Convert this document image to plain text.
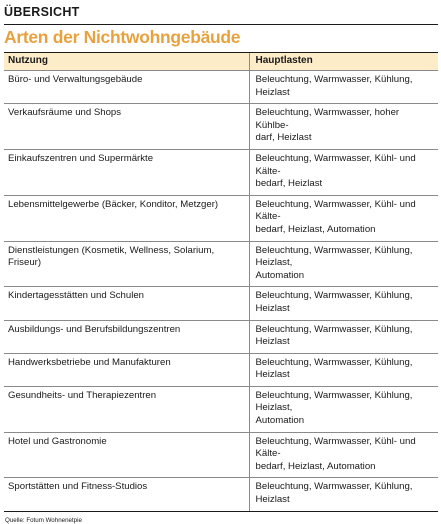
ÜBERSICHT
Arten der Nichtwohngebäude
Nutzung	Hauptlasten
Büro- und Verwaltungsgebäude	Beleuchtung, Warmwasser, Kühlung, Heizlast

Verkaufsräume und Shops	Beleuchtung, Warmwasser, hoher Kühlbe-
darf, Heizlast

Einkaufszentren und Supermärkte	Beleuchtung, Warmwasser, Kühl- und Kälte-
bedarf, Heizlast

Lebensmittelgewerbe (Bäcker, Konditor, Metzger)	Beleuchtung, Warmwasser, Kühl- und Kälte-
bedarf, Heizlast, Automation

Dienstleistungen (Kosmetik, Wellness, Solarium, Friseur)	Beleuchtung, Warmwasser, Kühlung, Heizlast,
Automation

Kindertagesstätten und Schulen	Beleuchtung, Warmwasser, Kühlung, Heizlast

Ausbildungs- und Berufsbildungszentren	Beleuchtung, Warmwasser, Kühlung, Heizlast

Handwerksbetriebe und Manufakturen	Beleuchtung, Warmwasser, Kühlung, Heizlast

Gesundheits- und Therapiezentren	Beleuchtung, Warmwasser, Kühlung, Heizlast,
Automation

Hotel und Gastronomie	Beleuchtung, Warmwasser, Kühl- und Kälte-
bedarf, Heizlast, Automation

Sportstätten und Fitness-Studios	Beleuchtung, Warmwasser, Kühlung, Heizlast
Quelle: Fotum Wohnenetpie
